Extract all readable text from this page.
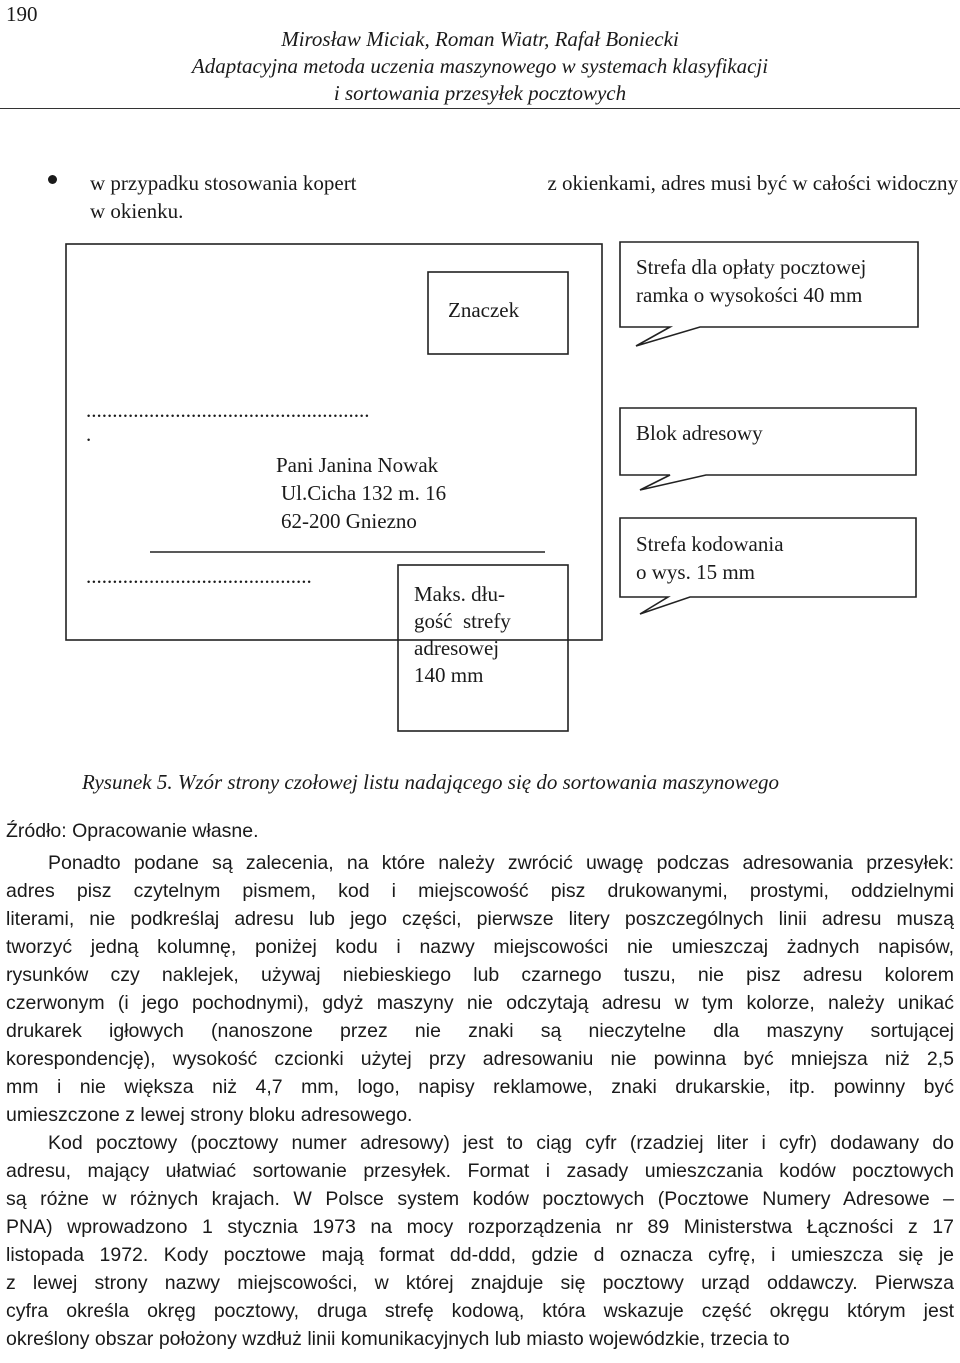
190
Mirosław Miciak, Roman Wiatr, Rafał Boniecki
Adaptacyjna metoda uczenia maszynowego w systemach klasyfikacji
i sortowania przesyłek pocztowych
w przypadku stosowania kopert	z okienkami, adres musi być w całości widoczny
w okienku.
Znaczek
Strefa dla opłaty pocztowej
ramka o wysokości 40 mm
......................................................
.
Pani Janina Nowak
Ul.Cicha 132 m. 16
62-200 Gniezno
...........................................
Maks. dłu-
gość  strefy
adresowej
140 mm
Blok adresowy
Strefa kodowania
o wys. 15 mm
Rysunek 5. Wzór strony czołowej listu nadającego się do sortowania maszynowego
Źródło: Opracowanie własne.
Ponadto podane są zalecenia, na które należy zwrócić uwagę podczas adresowania przesyłek:
adres pisz czytelnym pismem, kod i miejscowość pisz drukowanymi, prostymi, oddzielnymi
literami, nie podkreślaj adresu lub jego części, pierwsze litery poszczególnych linii adresu muszą
tworzyć jedną kolumnę, poniżej kodu i nazwy miejscowości nie umieszczaj żadnych napisów,
rysunków czy naklejek, używaj niebieskiego lub czarnego tuszu, nie pisz adresu kolorem
czerwonym (i jego pochodnymi), gdyż maszyny nie odczytają adresu w tym kolorze, należy unikać
drukarek igłowych (nanoszone przez nie znaki są nieczytelne dla maszyny sortującej
korespondencję), wysokość czcionki użytej przy adresowaniu nie powinna być mniejsza niż 2,5
mm i nie większa niż 4,7 mm, logo, napisy reklamowe, znaki drukarskie, itp. powinny być
umieszczone z lewej strony bloku adresowego.
Kod pocztowy (pocztowy numer adresowy) jest to ciąg cyfr (rzadziej liter i cyfr) dodawany do
adresu, mający ułatwiać sortowanie przesyłek. Format i zasady umieszczania kodów pocztowych
są różne w różnych krajach. W Polsce system kodów pocztowych (Pocztowe Numery Adresowe –
PNA) wprowadzono 1 stycznia 1973 na mocy rozporządzenia nr 89 Ministerstwa Łączności z 17
listopada 1972. Kody pocztowe mają format dd-ddd, gdzie d oznacza cyfrę, i umieszcza się je
z lewej strony nazwy miejscowości, w której znajduje się pocztowy urząd oddawczy. Pierwsza
cyfra określa okręg pocztowy, druga strefę kodową, która wskazuje część okręgu którym jest
określony obszar położony wzdłuż linii komunikacyjnych lub miasto wojewódzkie, trzecia to
